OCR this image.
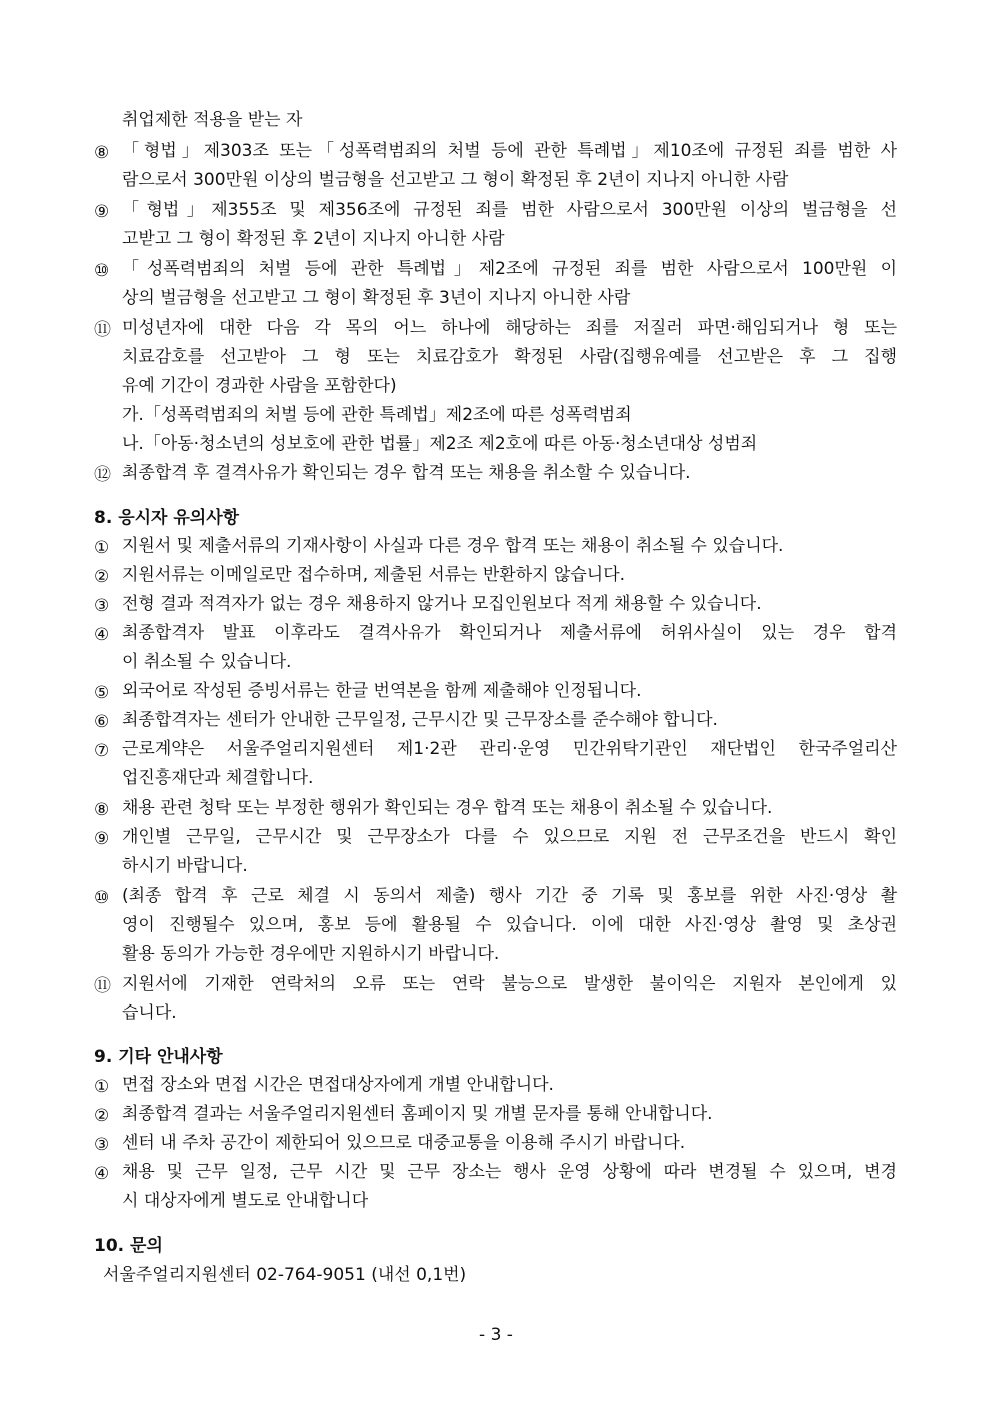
취업제한 적용을 받는 자
⑧ 「형법」제303조 또는「성폭력범죄의 처벌 등에 관한 특례법」제10조에 규정된 죄를 범한 사
람으로서 300만원 이상의 벌금형을 선고받고 그 형이 확정된 후 2년이 지나지 아니한 사람
⑨ 「형법」제355조 및 제356조에 규정된 죄를 범한 사람으로서 300만원 이상의 벌금형을 선
고받고 그 형이 확정된 후 2년이 지나지 아니한 사람
⑩ 「성폭력범죄의 처벌 등에 관한 특례법」제2조에 규정된 죄를 범한 사람으로서 100만원 이
상의 벌금형을 선고받고 그 형이 확정된 후 3년이 지나지 아니한 사람
⑪ 미성년자에 대한 다음 각 목의 어느 하나에 해당하는 죄를 저질러 파면·해임되거나 형 또는
치료감호를 선고받아 그 형 또는 치료감호가 확정된 사람(집행유예를 선고받은 후 그 집행
유예 기간이 경과한 사람을 포함한다)
가.「성폭력범죄의 처벌 등에 관한 특례법」제2조에 따른 성폭력범죄
나.「아동·청소년의 성보호에 관한 법률」제2조 제2호에 따른 아동·청소년대상 성범죄
⑫ 최종합격 후 결격사유가 확인되는 경우 합격 또는 채용을 취소할 수 있습니다.
8. 응시자 유의사항
① 지원서 및 제출서류의 기재사항이 사실과 다른 경우 합격 또는 채용이 취소될 수 있습니다.
② 지원서류는 이메일로만 접수하며, 제출된 서류는 반환하지 않습니다.
③ 전형 결과 적격자가 없는 경우 채용하지 않거나 모집인원보다 적게 채용할 수 있습니다.
④ 최종합격자 발표 이후라도 결격사유가 확인되거나 제출서류에 허위사실이 있는 경우 합격
이 취소될 수 있습니다.
⑤ 외국어로 작성된 증빙서류는 한글 번역본을 함께 제출해야 인정됩니다.
⑥ 최종합격자는 센터가 안내한 근무일정, 근무시간 및 근무장소를 준수해야 합니다.
⑦ 근로계약은 서울주얼리지원센터 제1·2관 관리·운영 민간위탁기관인 재단법인 한국주얼리산
업진흥재단과 체결합니다.
⑧ 채용 관련 청탁 또는 부정한 행위가 확인되는 경우 합격 또는 채용이 취소될 수 있습니다.
⑨ 개인별 근무일, 근무시간 및 근무장소가 다를 수 있으므로 지원 전 근무조건을 반드시 확인
하시기 바랍니다.
⑩ (최종 합격 후 근로 체결 시 동의서 제출) 행사 기간 중 기록 및 홍보를 위한 사진·영상 촬
영이 진행될수 있으며, 홍보 등에 활용될 수 있습니다. 이에 대한 사진·영상 촬영 및 초상권
활용 동의가 가능한 경우에만 지원하시기 바랍니다.
⑪ 지원서에 기재한 연락처의 오류 또는 연락 불능으로 발생한 불이익은 지원자 본인에게 있
습니다.
9. 기타 안내사항
① 면접 장소와 면접 시간은 면접대상자에게 개별 안내합니다.
② 최종합격 결과는 서울주얼리지원센터 홈페이지 및 개별 문자를 통해 안내합니다.
③ 센터 내 주차 공간이 제한되어 있으므로 대중교통을 이용해 주시기 바랍니다.
④ 채용 및 근무 일정, 근무 시간 및 근무 장소는 행사 운영 상황에 따라 변경될 수 있으며, 변경
시 대상자에게 별도로 안내합니다
10. 문의
서울주얼리지원센터 02-764-9051 (내선 0,1번)
- 3 -
